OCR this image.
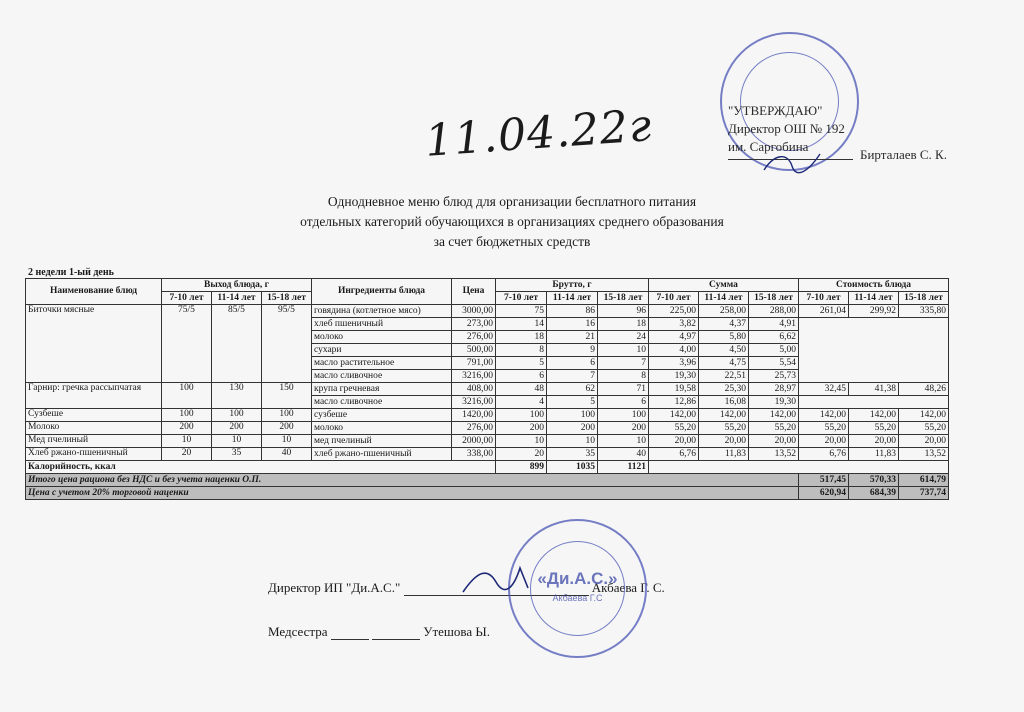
11.04.22г	"УТВЕРЖДАЮ"
Директор ОШ № 192
им. Саргобина
Бирталаев С. К.
Однодневное меню блюд для организации бесплатного питания
отдельных категорий обучающихся в организациях среднего образования
за счет бюджетных средств
2 недели 1-ый день
Наименование блюд	Выход блюда, г			Ингредиенты блюда	Цена	Брутто, г			Сумма			Стоимость блюда		
	7-10 лет	11-14 лет	15-18 лет			7-10 лет	11-14 лет	15-18 лет	7-10 лет	11-14 лет	15-18 лет	7-10 лет	11-14 лет	15-18 лет
Биточки мясные	75/5	85/5	95/5	говядина (котлетное мясо)	3000,00	75	86	96	225,00	258,00	288,00	261,04	299,92	335,80
				хлеб пшеничный	273,00	14	16	18	3,82	4,37	4,91			
				молоко	276,00	18	21	24	4,97	5,80	6,62			
				сухари	500,00	8	9	10	4,00	4,50	5,00			
				масло растительное	791,00	5	6	7	3,96	4,75	5,54			
				масло сливочное	3216,00	6	7	8	19,30	22,51	25,73			
Гарнир: гречка рассыпчатая	100	130	150	крупа гречневая	408,00	48	62	71	19,58	25,30	28,97	32,45	41,38	48,26
				масло сливочное	3216,00	4	5	6	12,86	16,08	19,30			
Сузбеше	100	100	100	сузбеше	1420,00	100	100	100	142,00	142,00	142,00	142,00	142,00	142,00
Молоко	200	200	200	молоко	276,00	200	200	200	55,20	55,20	55,20	55,20	55,20	55,20
Мед пчелиный	10	10	10	мед пчелиный	2000,00	10	10	10	20,00	20,00	20,00	20,00	20,00	20,00
Хлеб ржано-пшеничный	20	35	40	хлеб ржано-пшеничный	338,00	20	35	40	6,76	11,83	13,52	6,76	11,83	13,52
Калорийность, ккал						899	1035	1121						
Итого цена рациона без НДС и без учета наценки О.П.												517,45	570,33	614,79
Цена с учетом 20% торговой наценки												620,94	684,39	737,74
Директор ИП "Ди.А.С."	Акбаева Г. С.
Медсестра	Утешова Ы.
«Ди.А.С.»
Акбаева Г.С
